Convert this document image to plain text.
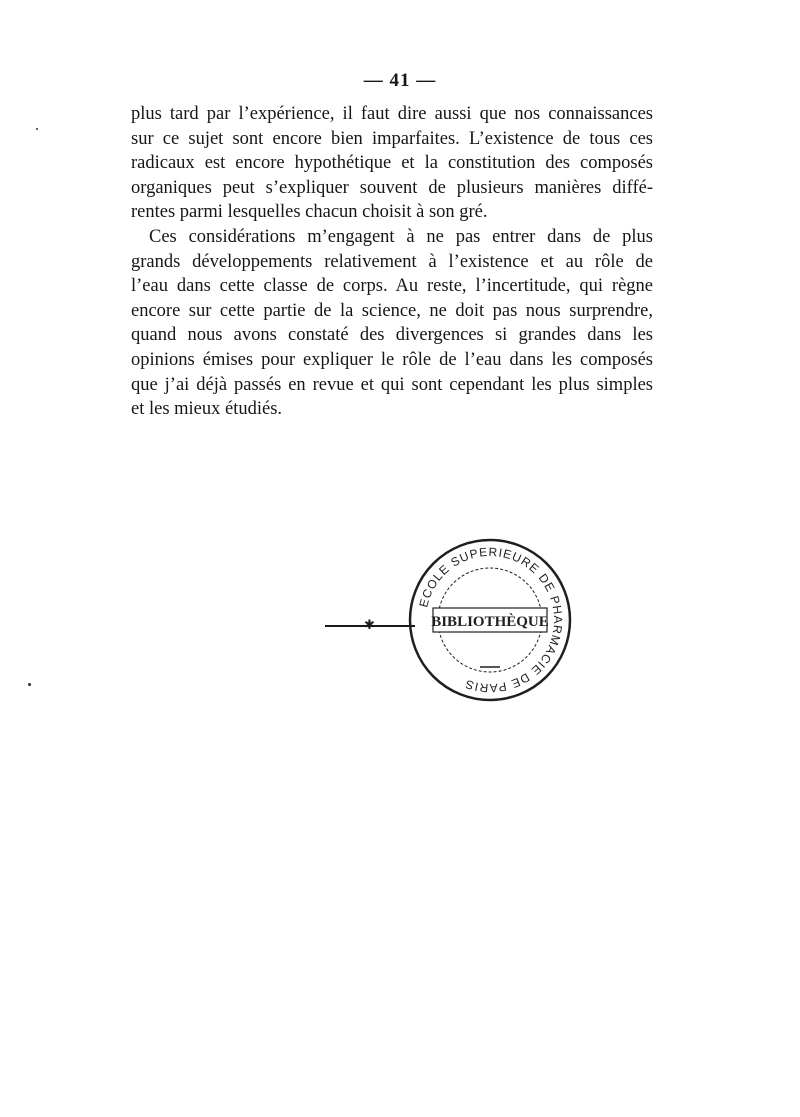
— 41 —

plus tard par l’expérience, il faut dire aussi que nos connaissances
sur ce sujet sont encore bien imparfaites. L’existence de tous ces
radicaux est encore hypothétique et la constitution des composés
organiques peut s’expliquer souvent de plusieurs manières diffé-
rentes parmi lesquelles chacun choisit à son gré.

Ces considérations m’engagent à ne pas entrer dans de plus
grands développements relativement à l’existence et au rôle de
l’eau dans cette classe de corps. Au reste, l’incertitude, qui règne
encore sur cette partie de la science, ne doit pas nous surprendre,
quand nous avons constaté des divergences si grandes dans les
opinions émises pour expliquer le rôle de l’eau dans les composés
que j’ai déjà passés en revue et qui sont cependant les plus simples
et les mieux étudiés.

✱
ECOLE SUPERIEURE DE PHARMACIE DE PARIS
BIBLIOTHÈQUE
